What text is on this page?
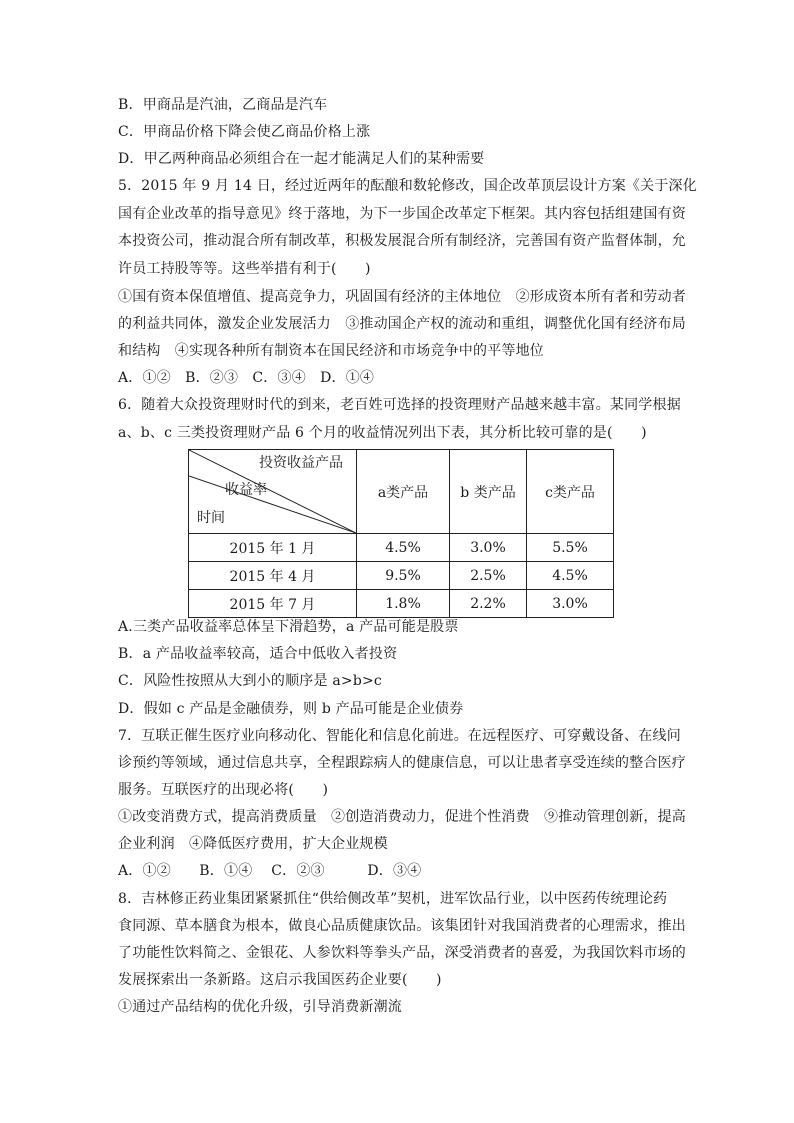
B．甲商品是汽油，乙商品是汽车
C．甲商品价格下降会使乙商品价格上涨
D．甲乙两种商品必须组合在一起才能满足人们的某种需要
5．2015 年 9 月 14 日，经过近两年的酝酿和数轮修改，国企改革顶层设计方案《关于深化
国有企业改革的指导意见》终于落地，为下一步国企改革定下框架。其内容包括组建国有资
本投资公司，推动混合所有制改革，积极发展混合所有制经济，完善国有资产监督体制，允
许员工持股等等。这些举措有利于(　　)
①国有资本保值增值、提高竞争力，巩固国有经济的主体地位　②形成资本所有者和劳动者
的利益共同体，激发企业发展活力　③推动国企产权的流动和重组，调整优化国有经济布局
和结构　④实现各种所有制资本在国民经济和市场竞争中的平等地位
A．①②　B．②③　C．③④　D．①④
6．随着大众投资理财时代的到来，老百姓可选择的投资理财产品越来越丰富。某同学根据
a、b、c 三类投资理财产品 6 个月的收益情况列出下表，其分析比较可靠的是(　　)
投资收益产品
收益率
时间	a类产品	b 类产品	c类产品
2015 年 1 月	4.5%	3.0%	5.5%
2015 年 4 月	9.5%	2.5%	4.5%
2015 年 7 月	1.8%	2.2%	3.0%
A.三类产品收益率总体呈下滑趋势，a 产品可能是股票
B．a 产品收益率较高，适合中低收入者投资
C．风险性按照从大到小的顺序是 a>b>c
D．假如 c 产品是金融债券，则 b 产品可能是企业债券
7．互联正催生医疗业向移动化、智能化和信息化前进。在远程医疗、可穿戴设备、在线问
诊预约等领域，通过信息共享，全程跟踪病人的健康信息，可以让患者享受连续的整合医疗
服务。互联医疗的出现必将(　　)
①改变消费方式，提高消费质量　②创造消费动力，促进个性消费　⑨推动管理创新，提高
企业利润　④降低医疗费用，扩大企业规模
A．①②　　B．①④　 C．②③　　　D．③④
8．吉林修正药业集团紧紧抓住“供给侧改革”契机，进军饮品行业，以中医药传统理论药
食同源、草本膳食为根本，做良心品质健康饮品。该集团针对我国消费者的心理需求，推出
了功能性饮料简之、金银花、人参饮料等拳头产品，深受消费者的喜爱，为我国饮料市场的
发展探索出一条新路。这启示我国医药企业要(　　)
①通过产品结构的优化升级，引导消费新潮流
